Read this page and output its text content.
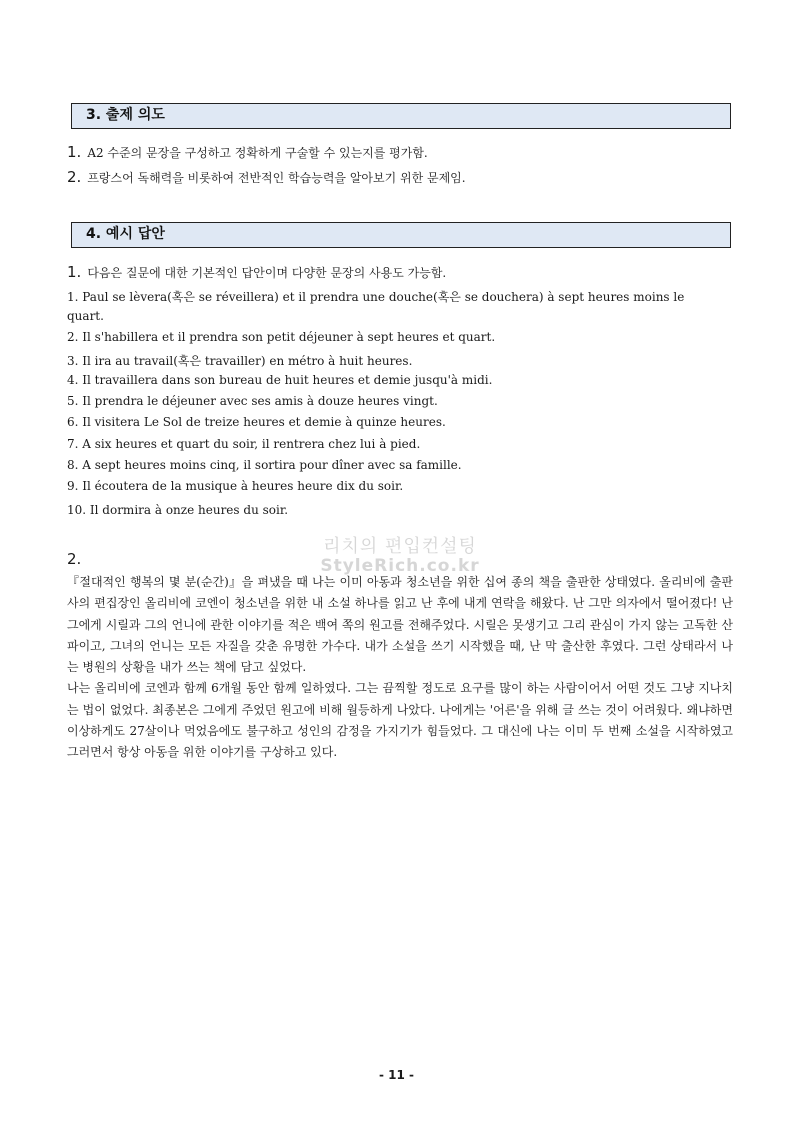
3. 출제 의도
1. A2 수준의 문장을 구성하고 정확하게 구술할 수 있는지를 평가함.
2. 프랑스어 독해력을 비롯하여 전반적인 학습능력을 알아보기 위한 문제임.
4. 예시 답안
1. 다음은 질문에 대한 기본적인 답안이며 다양한 문장의 사용도 가능함.
1. Paul se lèvera(혹은 se réveillera) et il prendra une douche(혹은 se douchera) à sept heures moins le
quart.
2. Il s'habillera et il prendra son petit déjeuner à sept heures et quart.
3. Il ira au travail(혹은 travailler) en métro à huit heures.
4. Il travaillera dans son bureau de huit heures et demie jusqu'à midi.
5. Il prendra le déjeuner avec ses amis à douze heures vingt.
6. Il visitera Le Sol de treize heures et demie à quinze heures.
7. A six heures et quart du soir, il rentrera chez lui à pied.
8. A sept heures moins cinq, il sortira pour dîner avec sa famille.
9. Il écoutera de la musique à heures heure dix du soir.
10. Il dormira à onze heures du soir.
2.
리치의 편입컨설팅
StyleRich.co.kr

『절대적인 행복의 몇 분(순간)』을 펴냈을 때 나는 이미 아동과 청소년을 위한 십여 종의 책을 출판한 상태였다. 올리비에 출판사의 편집장인 올리비에 코엔이 청소년을 위한 내 소설 하나를 읽고 난 후에 내게 연락을 해왔다. 난 그만 의자에서 떨어졌다! 난 그에게 시릴과 그의 언니에 관한 이야기를 적은 백여 쪽의 원고를 전해주었다. 시릴은 못생기고 그리 관심이 가지 않는 고독한 산파이고, 그녀의 언니는 모든 자질을 갖춘 유명한 가수다. 내가 소설을 쓰기 시작했을 때, 난 막 출산한 후였다. 그런 상태라서 나는 병원의 상황을 내가 쓰는 책에 담고 싶었다.

나는 올리비에 코엔과 함께 6개월 동안 함께 일하였다. 그는 끔찍할 정도로 요구를 많이 하는 사람이어서 어떤 것도 그냥 지나치는 법이 없었다. 최종본은 그에게 주었던 원고에 비해 월등하게 나았다. 나에게는 '어른'을 위해 글 쓰는 것이 어려웠다. 왜냐하면 이상하게도 27살이나 먹었음에도 불구하고 성인의 감정을 가지기가 힘들었다. 그 대신에 나는 이미 두 번째 소설을 시작하였고 그러면서 항상 아동을 위한 이야기를 구상하고 있다.

- 11 -
